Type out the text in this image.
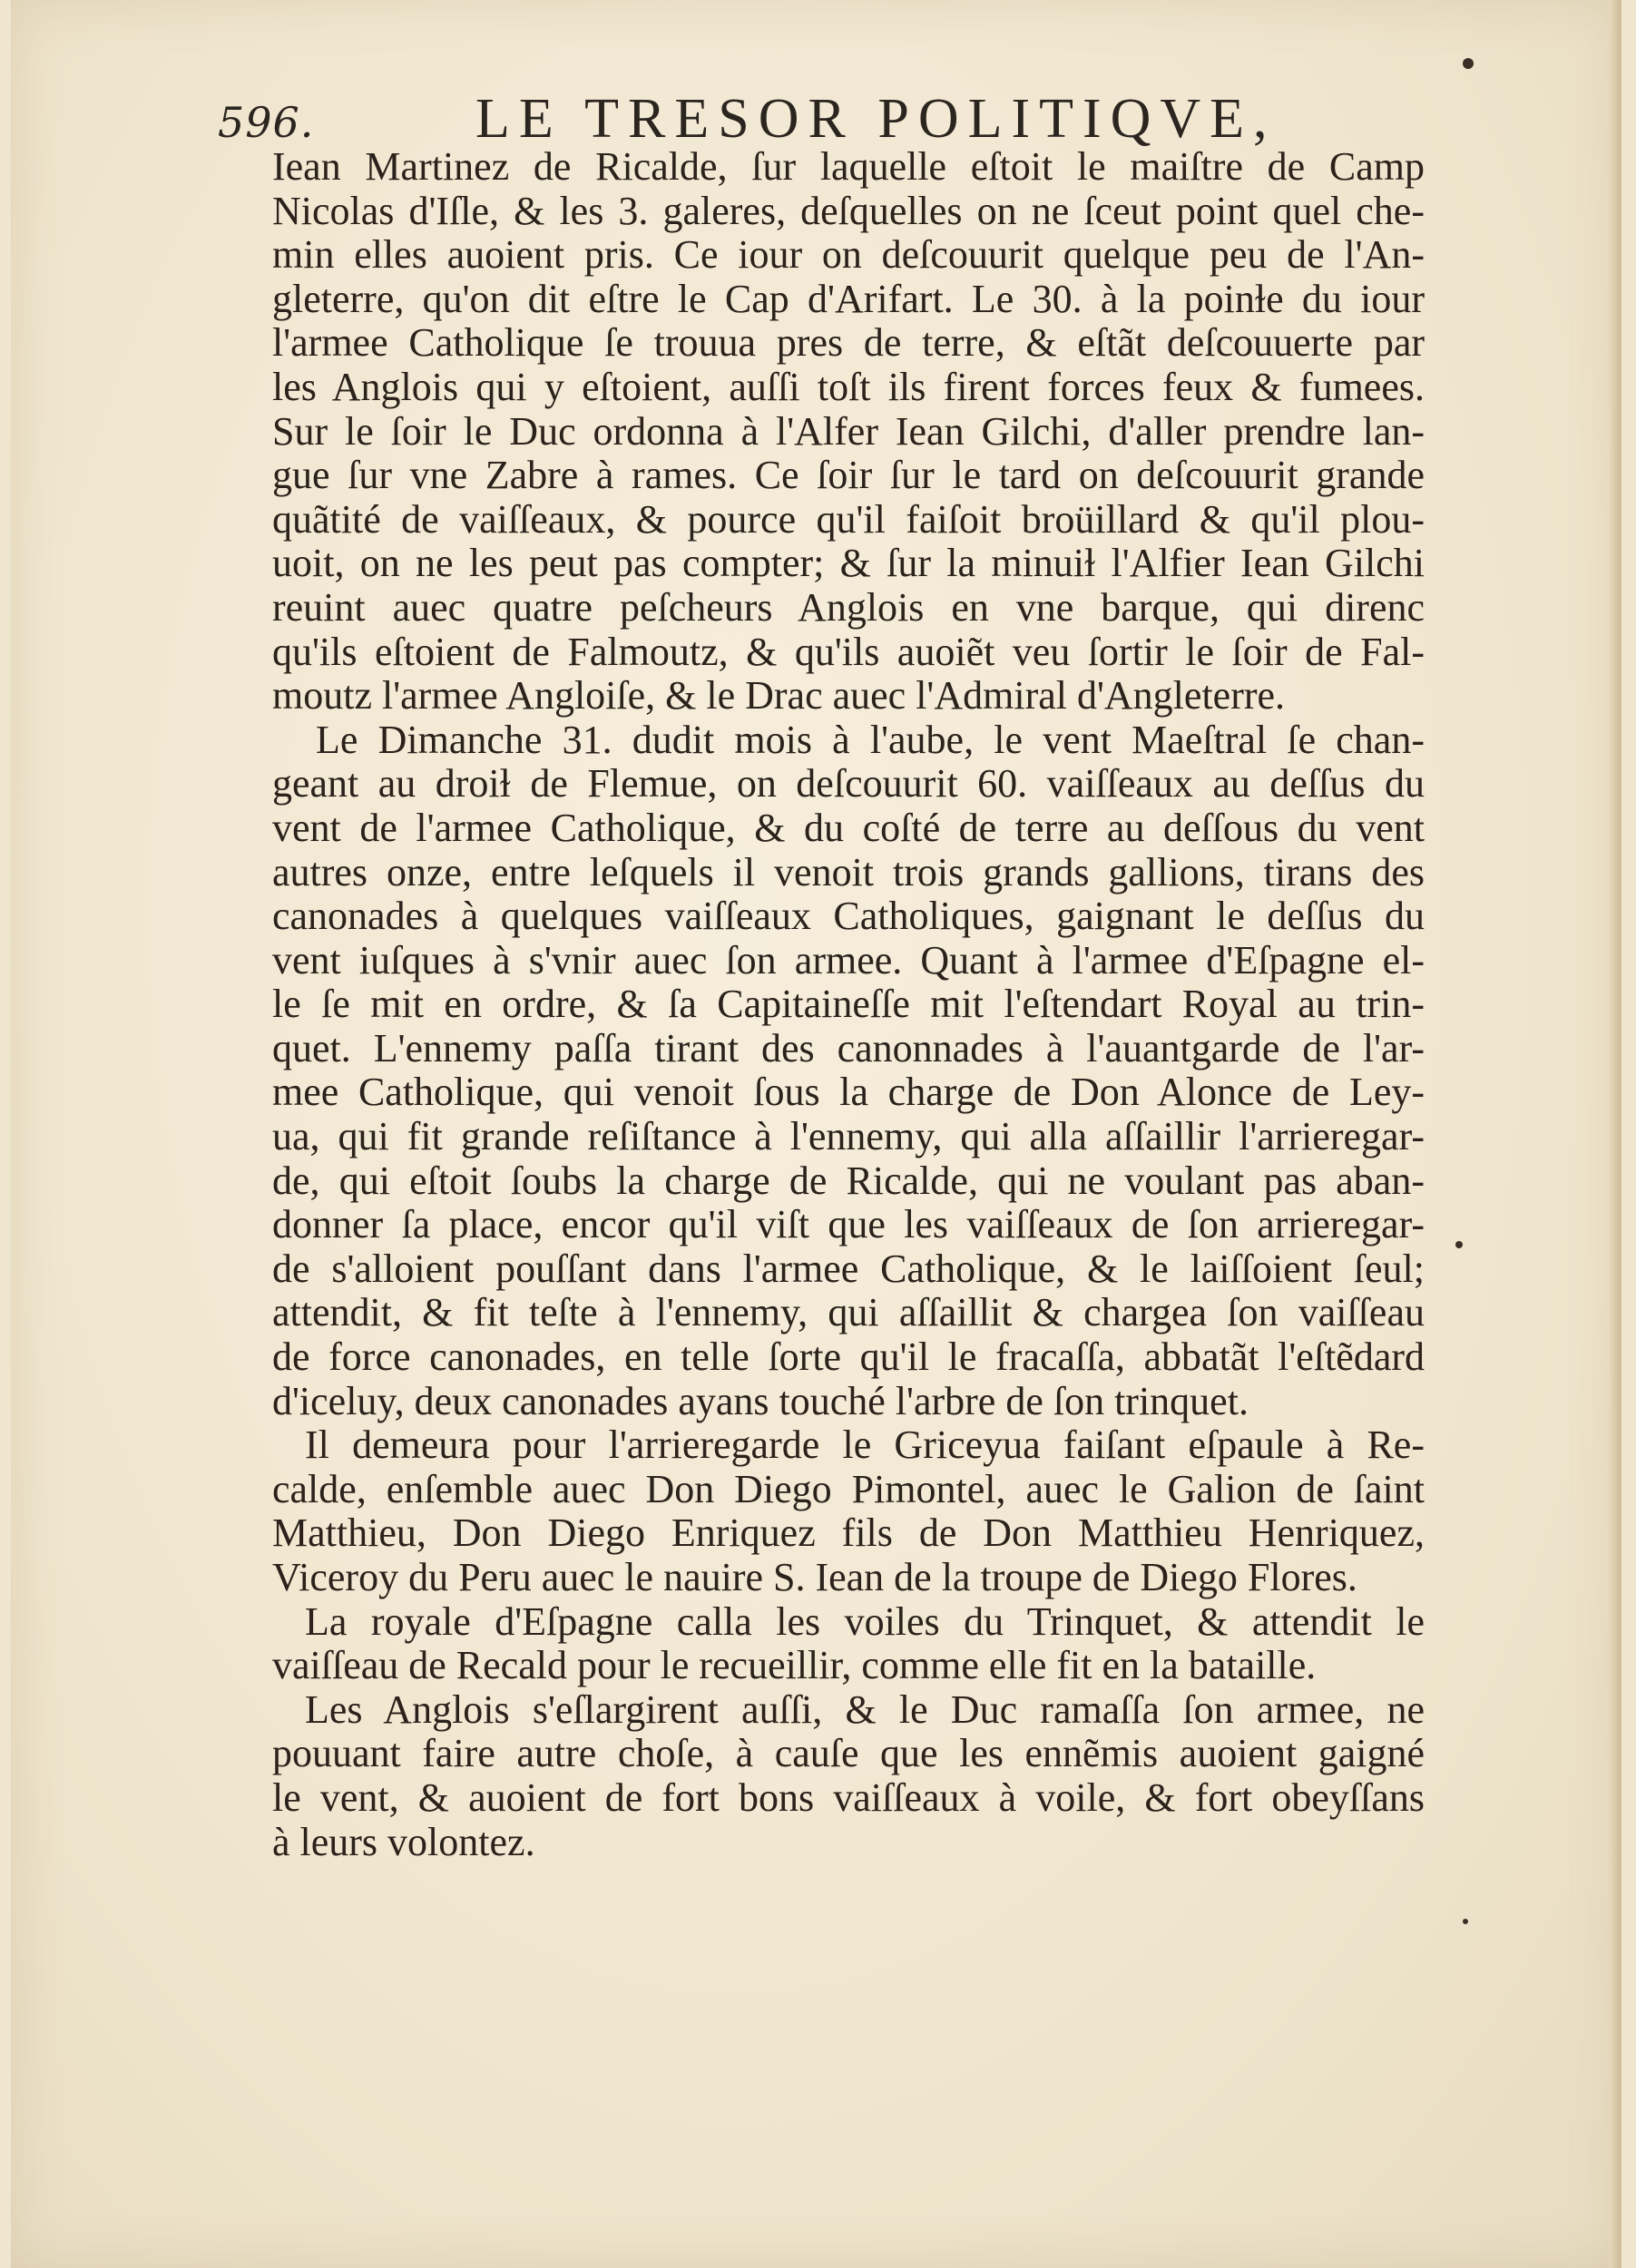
596.	LE TRESOR POLITIQVE,
Iean Martinez de Ricalde, ſur laquelle eſtoit le maiſtre de Camp
Nicolas d'Iſle, & les 3. galeres, deſquelles on ne ſceut point quel che-
min elles auoient pris. Ce iour on deſcouurit quelque peu de l'An-
gleterre, qu'on dit eſtre le Cap d'Arifart. Le 30. à la poinɫe du iour
l'armee Catholique ſe trouua pres de terre, & eſtãt deſcouuerte par
les Anglois qui y eſtoient, auſſi toſt ils firent forces feux & fumees.
Sur le ſoir le Duc ordonna à l'Alfer Iean Gilchi, d'aller prendre lan-
gue ſur vne Zabre à rames. Ce ſoir ſur le tard on deſcouurit grande
quãtité de vaiſſeaux, & pource qu'il faiſoit broüillard & qu'il plou-
uoit, on ne les peut pas compter; & ſur la minuiɫ l'Alfier Iean Gilchi
reuint auec quatre peſcheurs Anglois en vne barque, qui direnc
qu'ils eſtoient de Falmoutz, & qu'ils auoiẽt veu ſortir le ſoir de Fal-
moutz l'armee Angloiſe, & le Drac auec l'Admiral d'Angleterre.
Le Dimanche 31. dudit mois à l'aube, le vent Maeſtral ſe chan-
geant au droiɫ de Flemue, on deſcouurit 60. vaiſſeaux au deſſus du
vent de l'armee Catholique, & du coſté de terre au deſſous du vent
autres onze, entre leſquels il venoit trois grands gallions, tirans des
canonades à quelques vaiſſeaux Catholiques, gaignant le deſſus du
vent iuſques à s'vnir auec ſon armee. Quant à l'armee d'Eſpagne el-
le ſe mit en ordre, & ſa Capitaineſſe mit l'eſtendart Royal au trin-
quet. L'ennemy paſſa tirant des canonnades à l'auantgarde de l'ar-
mee Catholique, qui venoit ſous la charge de Don Alonce de Ley-
ua, qui fit grande reſiſtance à l'ennemy, qui alla aſſaillir l'arrieregar-
de, qui eſtoit ſoubs la charge de Ricalde, qui ne voulant pas aban-
donner ſa place, encor qu'il viſt que les vaiſſeaux de ſon arrieregar-
de s'alloient pouſſant dans l'armee Catholique, & le laiſſoient ſeul;
attendit, & fit teſte à l'ennemy, qui aſſaillit & chargea ſon vaiſſeau
de force canonades, en telle ſorte qu'il le fracaſſa, abbatãt l'eſtẽdard
d'iceluy, deux canonades ayans touché l'arbre de ſon trinquet.
Il demeura pour l'arrieregarde le Griceyua faiſant eſpaule à Re-
calde, enſemble auec Don Diego Pimontel, auec le Galion de ſaint
Matthieu, Don Diego Enriquez fils de Don Matthieu Henriquez,
Viceroy du Peru auec le nauire S. Iean de la troupe de Diego Flores.
La royale d'Eſpagne calla les voiles du Trinquet, & attendit le
vaiſſeau de Recald pour le recueillir, comme elle fit en la bataille.
Les Anglois s'eſlargirent auſſi, & le Duc ramaſſa ſon armee, ne
pouuant faire autre choſe, à cauſe que les ennẽmis auoient gaigné
le vent, & auoient de fort bons vaiſſeaux à voile, & fort obeyſſans
à leurs volontez.
